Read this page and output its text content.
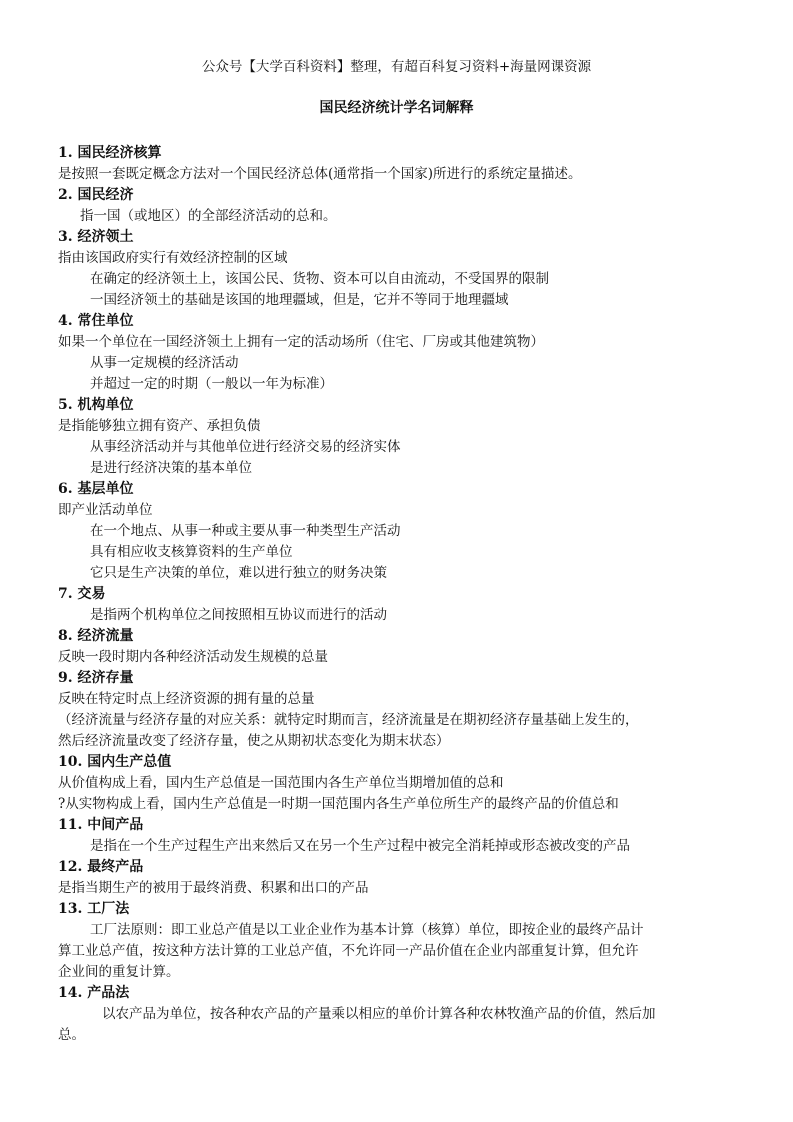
公众号【大学百科资料】整理，有超百科复习资料+海量网课资源
国民经济统计学名词解释

1. 国民经济核算

是按照一套既定概念方法对一个国民经济总体(通常指一个国家)所进行的系统定量描述。

2. 国民经济

指一国（或地区）的全部经济活动的总和。

3. 经济领土

指由该国政府实行有效经济控制的区域

在确定的经济领土上，该国公民、货物、资本可以自由流动，不受国界的限制

一国经济领土的基础是该国的地理疆域，但是，它并不等同于地理疆域

4. 常住单位

如果一个单位在一国经济领土上拥有一定的活动场所（住宅、厂房或其他建筑物）

从事一定规模的经济活动

并超过一定的时期（一般以一年为标准）

5. 机构单位

是指能够独立拥有资产、承担负债

从事经济活动并与其他单位进行经济交易的经济实体

是进行经济决策的基本单位

6. 基层单位

即产业活动单位

在一个地点、从事一种或主要从事一种类型生产活动

具有相应收支核算资料的生产单位

它只是生产决策的单位，难以进行独立的财务决策

7. 交易

是指两个机构单位之间按照相互协议而进行的活动

8. 经济流量

反映一段时期内各种经济活动发生规模的总量

9. 经济存量

反映在特定时点上经济资源的拥有量的总量

（经济流量与经济存量的对应关系：就特定时期而言，经济流量是在期初经济存量基础上发生的，

然后经济流量改变了经济存量，使之从期初状态变化为期末状态）

10. 国内生产总值

从价值构成上看，国内生产总值是一国范围内各生产单位当期增加值的总和

?从实物构成上看，国内生产总值是一时期一国范围内各生产单位所生产的最终产品的价值总和

11. 中间产品

是指在一个生产过程生产出来然后又在另一个生产过程中被完全消耗掉或形态被改变的产品

12. 最终产品

是指当期生产的被用于最终消费、积累和出口的产品

13. 工厂法

工厂法原则：即工业总产值是以工业企业作为基本计算（核算）单位，即按企业的最终产品计

算工业总产值，按这种方法计算的工业总产值，不允许同一产品价值在企业内部重复计算，但允许

企业间的重复计算。

14. 产品法

以农产品为单位，按各种农产品的产量乘以相应的单价计算各种农林牧渔产品的价值，然后加

总。
